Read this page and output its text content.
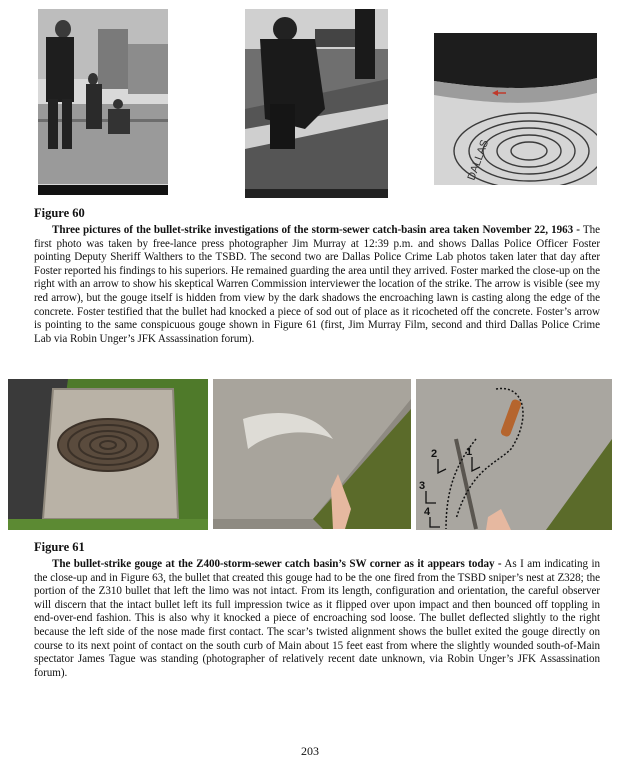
DALLAS

Figure 60

Three pictures of the bullet-strike investigations of the storm-sewer catch-basin area taken November 22, 1963 - The first photo was taken by free-lance press photographer Jim Murray at 12:39 p.m. and shows Dallas Police Officer Foster pointing Deputy Sheriff Walthers to the TSBD. The second two are Dallas Police Crime Lab photos taken later that day after Foster reported his findings to his superiors. He remained guarding the area until they arrived. Foster marked the close-up on the right with an arrow to show his skeptical Warren Commission interviewer the location of the strike. The arrow is visible (see my red arrow), but the gouge itself is hidden from view by the dark shadows the encroaching lawn is casting along the edge of the concrete. Foster testified that the bullet had knocked a piece of sod out of place as it ricocheted off the concrete. Foster’s arrow is pointing to the same conspicuous gouge shown in Figure 61 (first, Jim Murray Film, second and third Dallas Police Crime Lab via Robin Unger’s JFK Assassination forum).

1
2
3
4

Figure 61

The bullet-strike gouge at the Z400-storm-sewer catch basin’s SW corner as it appears today - As I am indicating in the close-up and in Figure 63, the bullet that created this gouge had to be the one fired from the TSBD sniper’s nest at Z328; the portion of the Z310 bullet that left the limo was not intact. From its length, configuration and orientation, the careful observer will discern that the intact bullet left its full impression twice as it flipped over upon impact and then bounced off toppling in end-over-end fashion. This is also why it knocked a piece of encroaching sod loose. The bullet deflected slightly to the right because the left side of the nose made first contact. The scar’s twisted alignment shows the bullet exited the gouge directly on course to its next point of contact on the south curb of Main about 15 feet east from where the slightly wounded south-of-Main spectator James Tague was standing (photographer of relatively recent date unknown, via Robin Unger’s JFK Assassination forum).

203
